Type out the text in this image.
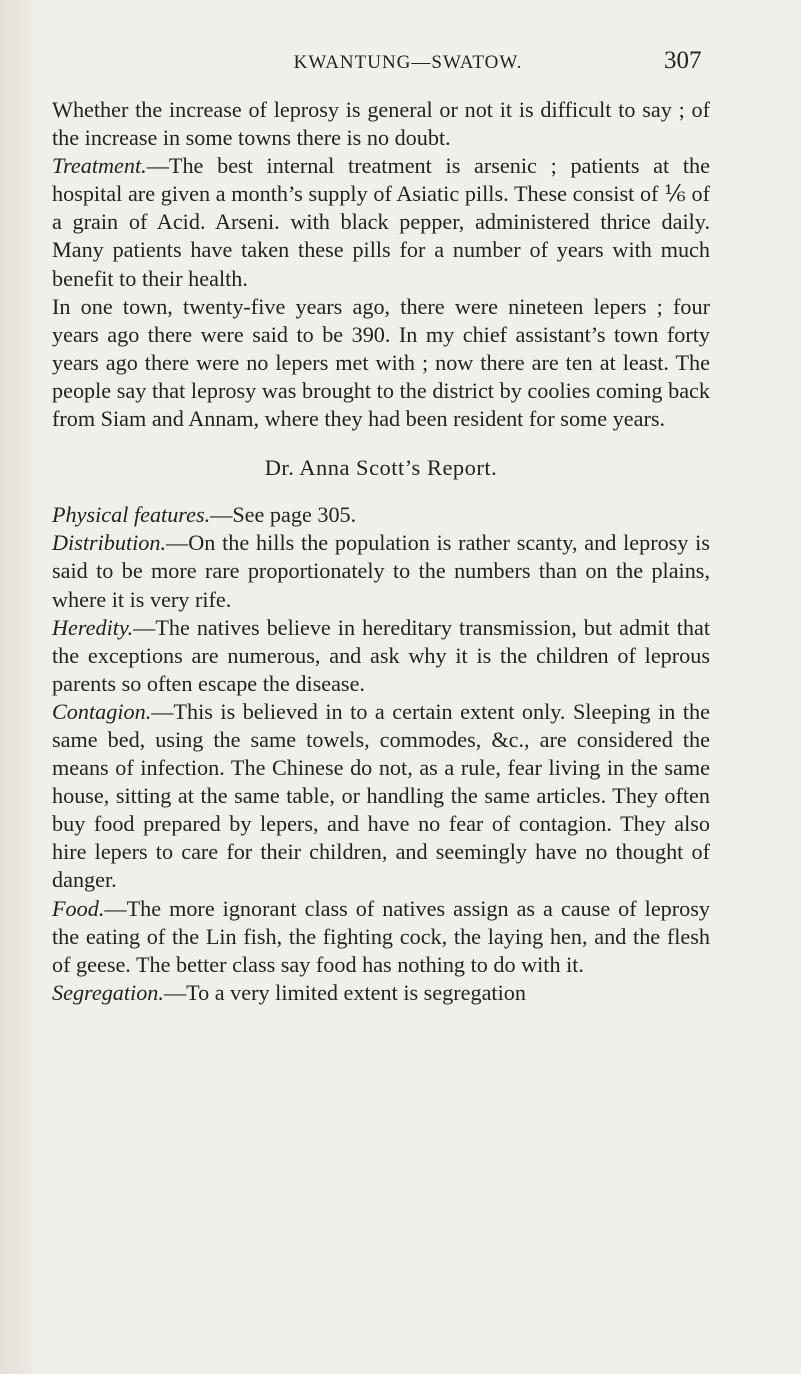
KWANTUNG—SWATOW.	307

Whether the increase of leprosy is general or not it is difficult to say ; of the increase in some towns there is no doubt.

Treatment.—The best internal treatment is arsenic ; patients at the hospital are given a month’s supply of Asiatic pills. These consist of ⅙ of a grain of Acid. Arseni. with black pepper, administered thrice daily. Many patients have taken these pills for a number of years with much benefit to their health.

In one town, twenty-five years ago, there were nineteen lepers ; four years ago there were said to be 390. In my chief assistant’s town forty years ago there were no lepers met with ; now there are ten at least. The people say that leprosy was brought to the district by coolies coming back from Siam and Annam, where they had been resident for some years.

Dr. Anna Scott’s Report.

Physical features.—See page 305.

Distribution.—On the hills the population is rather scanty, and leprosy is said to be more rare proportionately to the numbers than on the plains, where it is very rife.

Heredity.—The natives believe in hereditary transmission, but admit that the exceptions are numerous, and ask why it is the children of leprous parents so often escape the disease.

Contagion.—This is believed in to a certain extent only. Sleeping in the same bed, using the same towels, commodes, &c., are considered the means of infection. The Chinese do not, as a rule, fear living in the same house, sitting at the same table, or handling the same articles. They often buy food prepared by lepers, and have no fear of contagion. They also hire lepers to care for their children, and seemingly have no thought of danger.

Food.—The more ignorant class of natives assign as a cause of leprosy the eating of the Lin fish, the fighting cock, the laying hen, and the flesh of geese. The better class say food has nothing to do with it.

Segregation.—To a very limited extent is segregation
